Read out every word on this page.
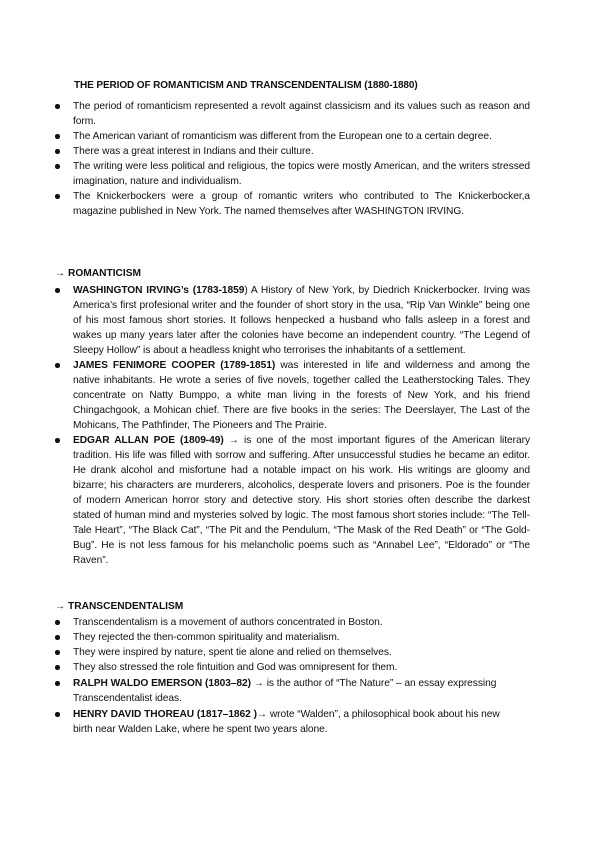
THE PERIOD OF ROMANTICISM AND TRANSCENDENTALISM (1880-1880)
The period of romanticism represented a revolt against classicism and its values such as reason and form.
The American variant of romanticism was different from the European one to a certain degree.
There was a great interest in Indians and their culture.
The writing were less political and religious, the topics were mostly American, and the writers stressed imagination, nature and individualism.
The Knickerbockers were a group of romantic writers who contributed to The Knickerbocker,a magazine published in New York. The named themselves after WASHINGTON IRVING.
→ ROMANTICISM
WASHINGTON IRVING’s (1783-1859) A History of New York, by Diedrich Knickerbocker. Irving was America’s first profesional writer and the founder of short story in the usa, “Rip Van Winkle” being one of his most famous short stories. It follows henpecked a husband who falls asleep in a forest and wakes up many years later after the colonies have become an independent country. “The Legend of Sleepy Hollow” is about a headless knight who terrorises the inhabitants of a settlement.
JAMES FENIMORE COOPER (1789-1851) was interested in life and wilderness and among the native inhabitants. He wrote a series of five novels, together called the Leatherstocking Tales. They concentrate on Natty Bumppo, a white man living in the forests of New York, and his friend Chingachgook, a Mohican chief. There are five books in the series: The Deerslayer, The Last of the Mohicans, The Pathfinder, The Pioneers and The Prairie.
EDGAR ALLAN POE (1809-49) → is one of the most important figures of the American literary tradition. His life was filled with sorrow and suffering. After unsuccessful studies he became an editor. He drank alcohol and misfortune had a notable impact on his work. His writings are gloomy and bizarre; his characters are murderers, alcoholics, desperate lovers and prisoners. Poe is the founder of modern American horror story and detective story. His short stories often describe the darkest stated of human mind and mysteries solved by logic. The most famous short stories include: “The Tell-Tale Heart”, “The Black Cat”, “The Pit and the Pendulum, “The Mask of the Red Death” or “The Gold-Bug”. He is not less famous for his melancholic poems such as “Annabel Lee”, “Eldorado” or “The Raven”.
→ TRANSCENDENTALISM
Transcendentalism is a movement of authors concentrated in Boston.
They rejected the then-common spirituality and materialism.
They were inspired by nature, spent tie alone and relied on themselves.
They also stressed the role fintuition and God was omnipresent for them.
RALPH WALDO EMERSON (1803–82) → is the author of “The Nature” – an essay expressing Transcendentalist ideas.
HENRY DAVID THOREAU (1817–1862 )→ wrote “Walden”, a philosophical book about his new
birth near Walden Lake, where he spent two years alone.
